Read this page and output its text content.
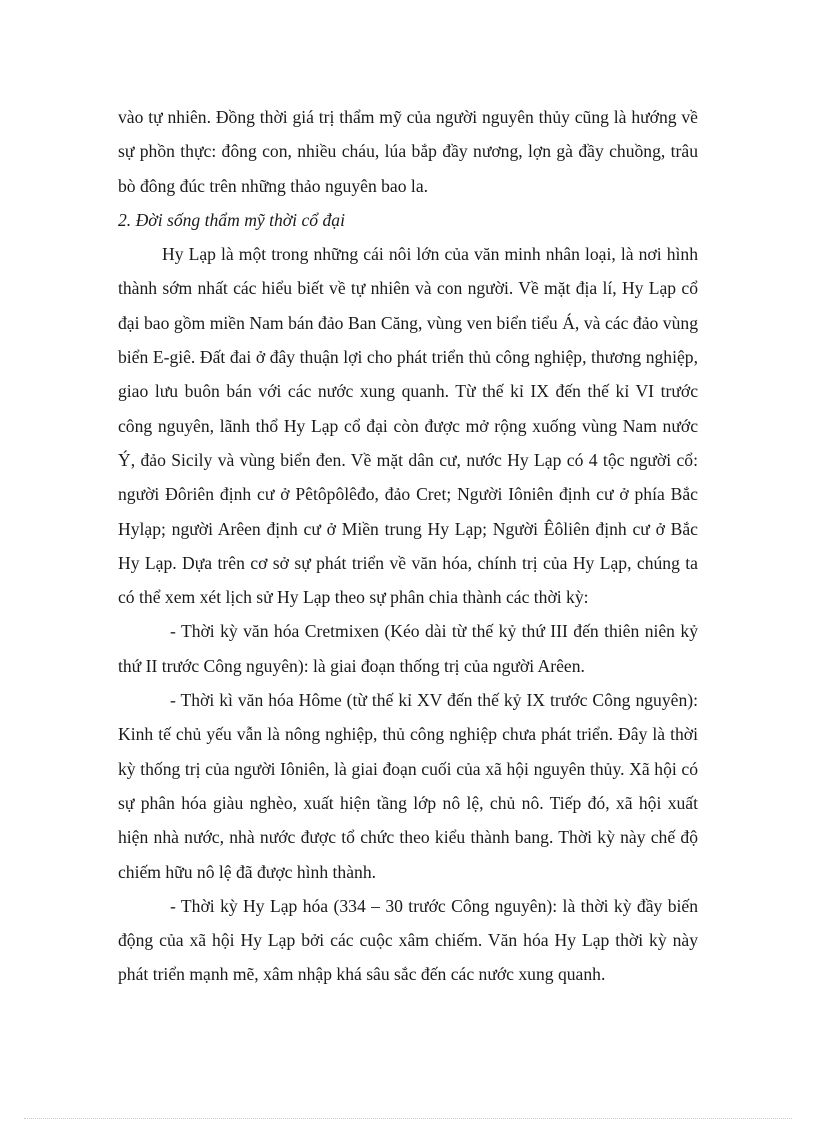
vào tự nhiên. Đồng thời giá trị thẩm mỹ của người nguyên thủy cũng là hướng về sự phồn thực: đông con, nhiều cháu, lúa bắp đầy nương, lợn gà đầy chuồng, trâu bò đông đúc trên những thảo nguyên bao la.

2. Đời sống thẩm mỹ thời cổ đại

Hy Lạp là một trong những cái nôi lớn của văn minh nhân loại, là nơi hình thành sớm nhất các hiểu biết về tự nhiên và con người. Về mặt địa lí, Hy Lạp cổ đại bao gồm miền Nam bán đảo Ban Căng, vùng ven biển tiểu Á, và các đảo vùng biển E-giê. Đất đai ở đây thuận lợi cho phát triển thủ công nghiệp, thương nghiệp, giao lưu buôn bán với các nước xung quanh. Từ thế kỉ IX đến thế kỉ VI trước công nguyên, lãnh thổ Hy Lạp cổ đại còn được mở rộng xuống vùng Nam nước Ý, đảo Sicily và vùng biển đen. Về mặt dân cư, nước Hy Lạp có 4 tộc người cổ: người Đôriên định cư ở Pêtôpôlêđo, đảo Cret; Người Iôniên định cư ở phía Bắc Hylạp; người Arêen định cư ở Miền trung Hy Lạp; Người Êôliên định cư ở Bắc Hy Lạp. Dựa trên cơ sở sự phát triển về văn hóa, chính trị của Hy Lạp, chúng ta có thể xem xét lịch sử Hy Lạp theo sự phân chia thành các thời kỳ:

- Thời kỳ văn hóa Cretmixen (Kéo dài từ thế kỷ thứ III đến thiên niên kỷ thứ II trước Công nguyên): là giai đoạn thống trị của người Arêen.

- Thời kì văn hóa Hôme (từ thế kỉ XV đến thế kỷ IX trước Công nguyên): Kinh tế chủ yếu vẫn là nông nghiệp, thủ công nghiệp chưa phát triển. Đây là thời kỳ thống trị của người Iôniên, là giai đoạn cuối của xã hội nguyên thủy. Xã hội có sự phân hóa giàu nghèo, xuất hiện tầng lớp nô lệ, chủ nô. Tiếp đó, xã hội xuất hiện nhà nước, nhà nước được tổ chức theo kiểu thành bang. Thời kỳ này chế độ chiếm hữu nô lệ đã được hình thành.

- Thời kỳ Hy Lạp hóa (334 – 30 trước Công nguyên): là thời kỳ đầy biến động của xã hội Hy Lạp bởi các cuộc xâm chiếm. Văn hóa Hy Lạp thời kỳ này phát triển mạnh mẽ, xâm nhập khá sâu sắc đến các nước xung quanh.
